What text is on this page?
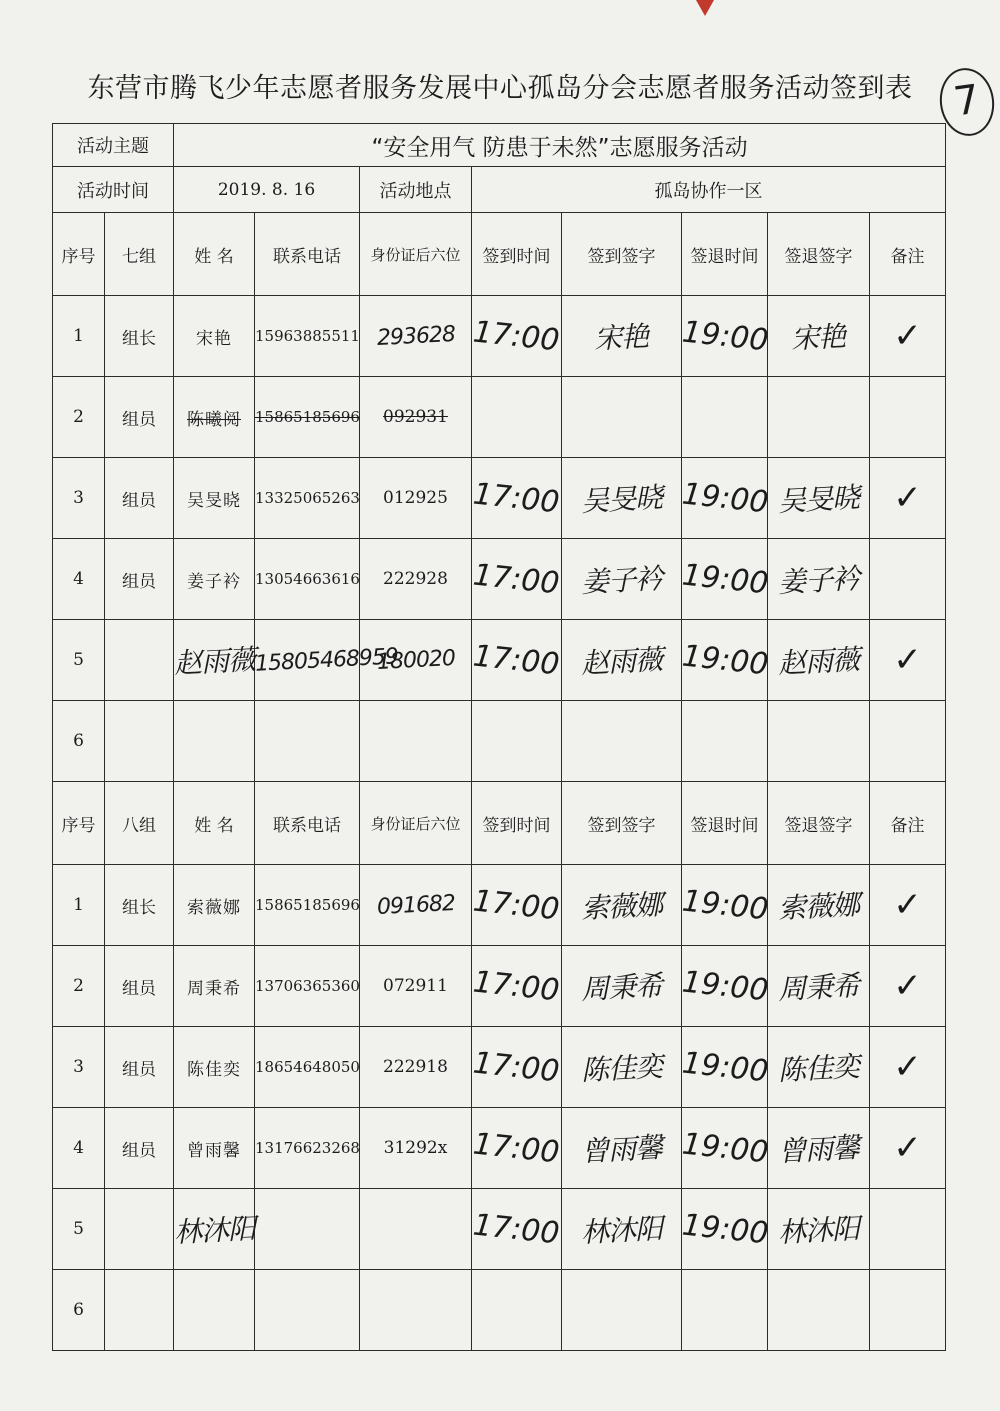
东营市腾飞少年志愿者服务发展中心孤岛分会志愿者服务活动签到表 7
活动主题		“安全用气 防患于未然”志愿服务活动							
活动时间		2019. 8. 16		活动地点	孤岛协作一区				
序号	七组	姓 名	联系电话	身份证后六位	签到时间	签到签字	签退时间	签退签字	备注
1	组长	宋艳	15963885511	293628	17:00	宋艳	19:00	宋艳	✓
2	组员	陈曦阅	15865185696	092931					
3	组员	吴旻晓	13325065263	012925	17:00	吴旻晓	19:00	吴旻晓	✓
4	组员	姜子衿	13054663616	222928	17:00	姜子衿	19:00	姜子衿	
5		赵雨薇	15805468959	180020	17:00	赵雨薇	19:00	赵雨薇	✓
6									
序号	八组	姓 名	联系电话	身份证后六位	签到时间	签到签字	签退时间	签退签字	备注
1	组长	索薇娜	15865185696	091682	17:00	索薇娜	19:00	索薇娜	✓
2	组员	周秉希	13706365360	072911	17:00	周秉希	19:00	周秉希	✓
3	组员	陈佳奕	18654648050	222918	17:00	陈佳奕	19:00	陈佳奕	✓
4	组员	曾雨馨	13176623268	31292x	17:00	曾雨馨	19:00	曾雨馨	✓
5		林沐阳			17:00	林沐阳	19:00	林沐阳	
6									
